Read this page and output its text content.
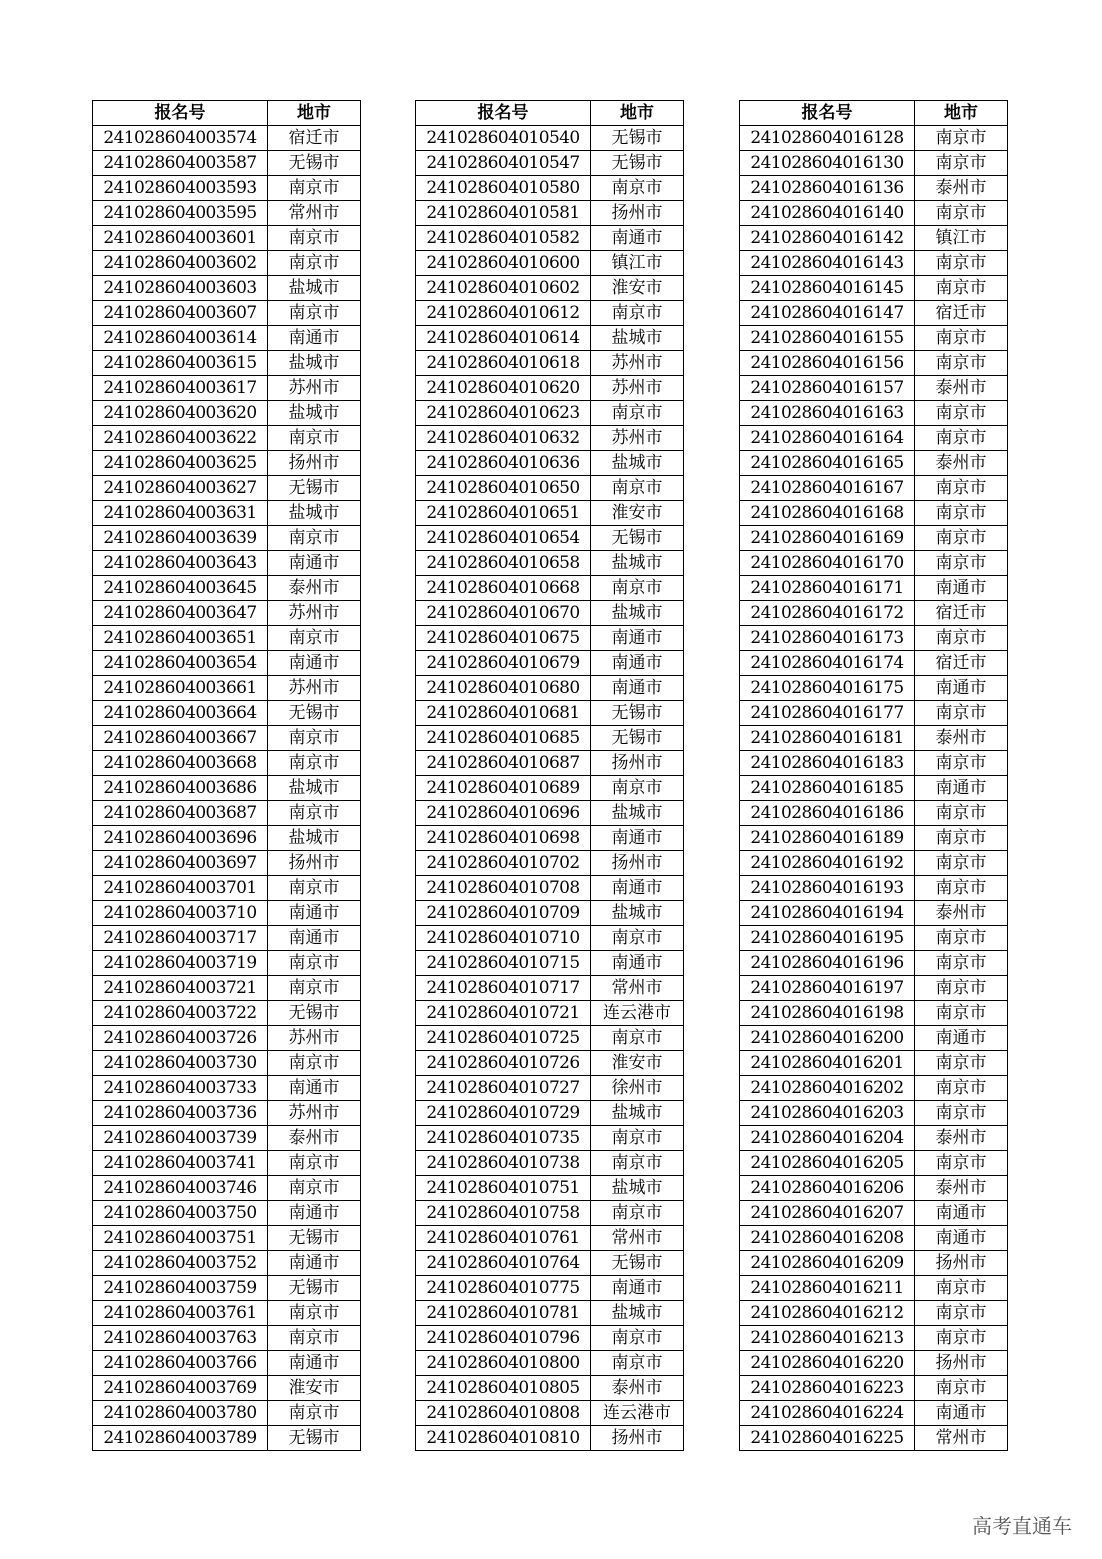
报名号	地市
241028604003574	宿迁市
241028604003587	无锡市
241028604003593	南京市
241028604003595	常州市
241028604003601	南京市
241028604003602	南京市
241028604003603	盐城市
241028604003607	南京市
241028604003614	南通市
241028604003615	盐城市
241028604003617	苏州市
241028604003620	盐城市
241028604003622	南京市
241028604003625	扬州市
241028604003627	无锡市
241028604003631	盐城市
241028604003639	南京市
241028604003643	南通市
241028604003645	泰州市
241028604003647	苏州市
241028604003651	南京市
241028604003654	南通市
241028604003661	苏州市
241028604003664	无锡市
241028604003667	南京市
241028604003668	南京市
241028604003686	盐城市
241028604003687	南京市
241028604003696	盐城市
241028604003697	扬州市
241028604003701	南京市
241028604003710	南通市
241028604003717	南通市
241028604003719	南京市
241028604003721	南京市
241028604003722	无锡市
241028604003726	苏州市
241028604003730	南京市
241028604003733	南通市
241028604003736	苏州市
241028604003739	泰州市
241028604003741	南京市
241028604003746	南京市
241028604003750	南通市
241028604003751	无锡市
241028604003752	南通市
241028604003759	无锡市
241028604003761	南京市
241028604003763	南京市
241028604003766	南通市
241028604003769	淮安市
241028604003780	南京市
241028604003789	无锡市
报名号	地市
241028604010540	无锡市
241028604010547	无锡市
241028604010580	南京市
241028604010581	扬州市
241028604010582	南通市
241028604010600	镇江市
241028604010602	淮安市
241028604010612	南京市
241028604010614	盐城市
241028604010618	苏州市
241028604010620	苏州市
241028604010623	南京市
241028604010632	苏州市
241028604010636	盐城市
241028604010650	南京市
241028604010651	淮安市
241028604010654	无锡市
241028604010658	盐城市
241028604010668	南京市
241028604010670	盐城市
241028604010675	南通市
241028604010679	南通市
241028604010680	南通市
241028604010681	无锡市
241028604010685	无锡市
241028604010687	扬州市
241028604010689	南京市
241028604010696	盐城市
241028604010698	南通市
241028604010702	扬州市
241028604010708	南通市
241028604010709	盐城市
241028604010710	南京市
241028604010715	南通市
241028604010717	常州市
241028604010721	连云港市
241028604010725	南京市
241028604010726	淮安市
241028604010727	徐州市
241028604010729	盐城市
241028604010735	南京市
241028604010738	南京市
241028604010751	盐城市
241028604010758	南京市
241028604010761	常州市
241028604010764	无锡市
241028604010775	南通市
241028604010781	盐城市
241028604010796	南京市
241028604010800	南京市
241028604010805	泰州市
241028604010808	连云港市
241028604010810	扬州市
报名号	地市
241028604016128	南京市
241028604016130	南京市
241028604016136	泰州市
241028604016140	南京市
241028604016142	镇江市
241028604016143	南京市
241028604016145	南京市
241028604016147	宿迁市
241028604016155	南京市
241028604016156	南京市
241028604016157	泰州市
241028604016163	南京市
241028604016164	南京市
241028604016165	泰州市
241028604016167	南京市
241028604016168	南京市
241028604016169	南京市
241028604016170	南京市
241028604016171	南通市
241028604016172	宿迁市
241028604016173	南京市
241028604016174	宿迁市
241028604016175	南通市
241028604016177	南京市
241028604016181	泰州市
241028604016183	南京市
241028604016185	南通市
241028604016186	南京市
241028604016189	南京市
241028604016192	南京市
241028604016193	南京市
241028604016194	泰州市
241028604016195	南京市
241028604016196	南京市
241028604016197	南京市
241028604016198	南京市
241028604016200	南通市
241028604016201	南京市
241028604016202	南京市
241028604016203	南京市
241028604016204	泰州市
241028604016205	南京市
241028604016206	泰州市
241028604016207	南通市
241028604016208	南通市
241028604016209	扬州市
241028604016211	南京市
241028604016212	南京市
241028604016213	南京市
241028604016220	扬州市
241028604016223	南京市
241028604016224	南通市
241028604016225	常州市
高考直通车
